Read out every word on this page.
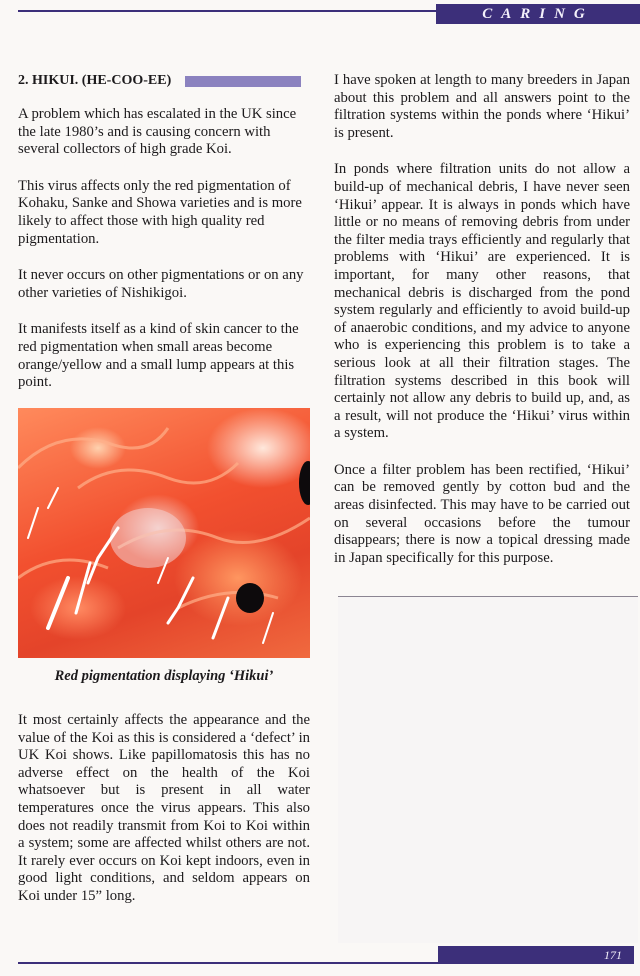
CARING
2. HIKUI. (HE-COO-EE)

A problem which has escalated in the UK since the late 1980’s and is causing concern with several collectors of high grade Koi.

This virus affects only the red pigmentation of Kohaku, Sanke and Showa varieties and is more likely to affect those with high quality red pigmentation.

It never occurs on other pigmentations or on any other varieties of Nishikigoi.

It manifests itself as a kind of skin cancer to the red pigmentation when small areas become orange/yellow and a small lump appears at this point.

Red pigmentation displaying ‘Hikui’

It most certainly affects the appearance and the value of the Koi as this is considered a ‘defect’ in UK Koi shows. Like papillomatosis this has no adverse effect on the health of the Koi whatsoever but is present in all water temperatures once the virus appears. This also does not readily transmit from Koi to Koi within a system; some are affected whilst others are not. It rarely ever occurs on Koi kept indoors, even in good light conditions, and seldom appears on Koi under 15” long.

I have spoken at length to many breeders in Japan about this problem and all answers point to the filtration systems within the ponds where ‘Hikui’ is present.

In ponds where filtration units do not allow a build-up of mechanical debris, I have never seen ‘Hikui’ appear. It is always in ponds which have little or no means of removing debris from under the filter media trays efficiently and regularly that problems with ‘Hikui’ are experienced. It is important, for many other reasons, that mechanical debris is discharged from the pond system regularly and efficiently to avoid build-up of anaerobic conditions, and my advice to anyone who is experiencing this problem is to take a serious look at all their filtration stages. The filtration systems described in this book will certainly not allow any debris to build up, and, as a result, will not produce the ‘Hikui’ virus within a system.

Once a filter problem has been rectified, ‘Hikui’ can be removed gently by cotton bud and the areas disinfected. This may have to be carried out on several occasions before the tumour disappears; there is now a topical dressing made in Japan specifically for this purpose.

171
